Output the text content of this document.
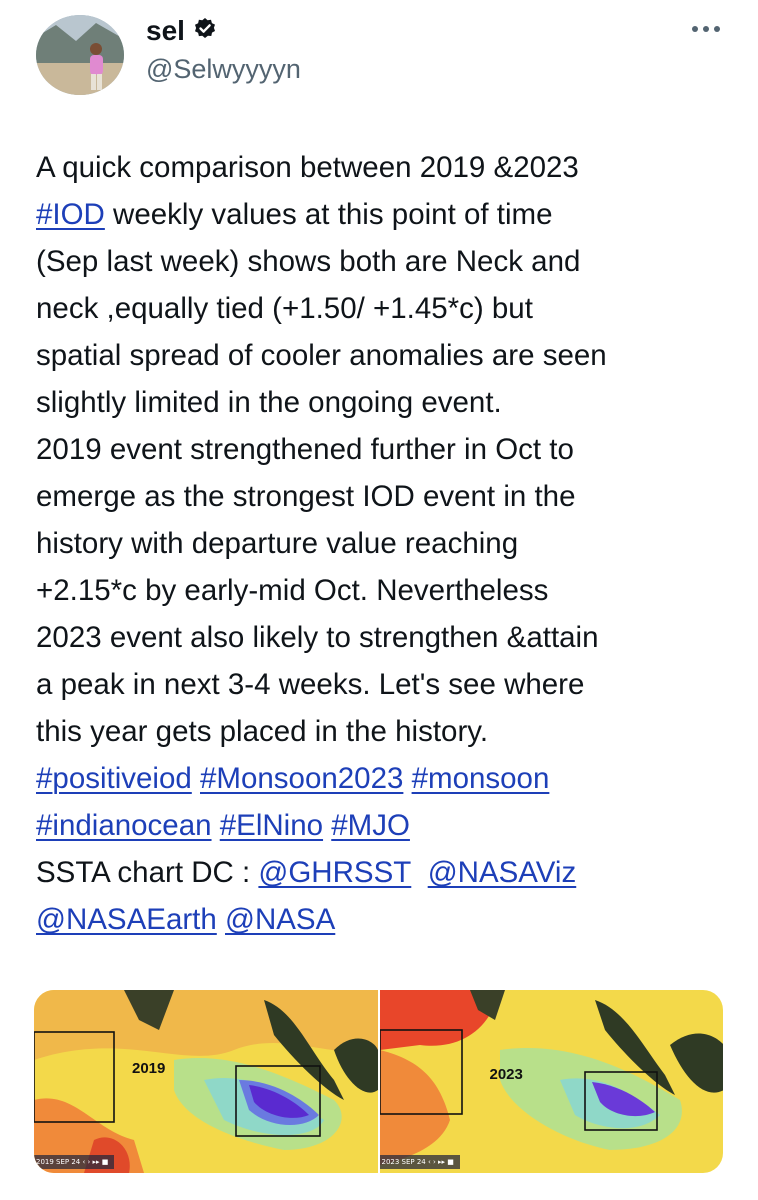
sel
@Selwyyyyn
A quick comparison between 2019 &2023
#IOD weekly values at this point of time
(Sep last week) shows both are Neck and
neck ,equally tied (+1.50/ +1.45*c) but
spatial spread of cooler anomalies are seen
slightly limited in the ongoing event.
2019 event strengthened further in Oct to
emerge as the strongest IOD event in the
history with departure value reaching
+2.15*c by early-mid Oct. Nevertheless
2023 event also likely to strengthen &attain
a peak in next 3-4 weeks. Let's see where
this year gets placed in the history.
#positiveiod #Monsoon2023 #monsoon
#indianocean #ElNino #MJO
SSTA chart DC : @GHRSST @NASAViz
@NASAEarth @NASA
2019
2019 SEP 24 ‹ › ▸▸ ■
2023
2023 SEP 24 ‹ › ▸▸ ■
